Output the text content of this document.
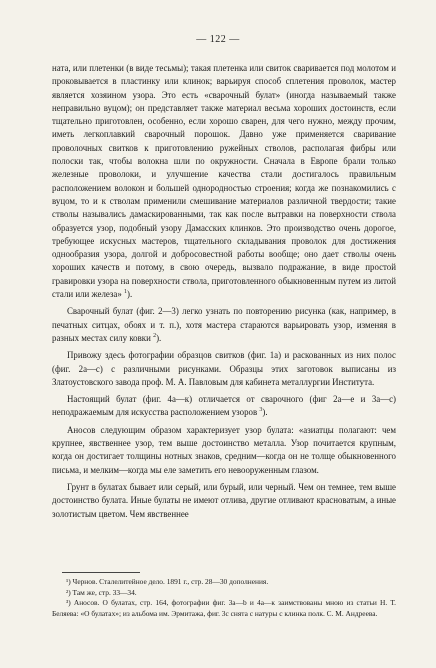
— 122 —

ната, или плетенки (в виде тесьмы); такая плетенка или свиток сваривается под молотом и проковывается в пластинку или клинок; варьируя способ сплетения проволок, мастер является хозяином узора. Это есть «сварочный булат» (иногда называемый также неправильно вуцом); он представляет также материал весьма хороших достоинств, если тщательно приготовлен, особенно, если хорошо сварен, для чего нужно, между прочим, иметь легкоплавкий сварочный порошок. Давно уже применяется сваривание проволочных свитков к приготовлению ружейных стволов, располагая фибры или полоски так, чтобы волокна шли по окружности. Сначала в Европе брали только железные проволоки, и улучшение качества стали достигалось правильным расположением волокон и большей однородностью строения; когда же познакомились с вуцом, то и к стволам применили смешивание материалов различной твердости; такие стволы назывались дамаскированными, так как после вытравки на поверхности ствола образуется узор, подобный узору Дамасских клинков. Это производство очень дорогое, требующее искусных мастеров, тщательного складывания проволок для достижения однообразия узора, долгой и добросовестной работы вообще; оно дает стволы очень хороших качеств и потому, в свою очередь, вызвало подражание, в виде простой гравировки узора на поверхности ствола, приготовленного обыкновенным путем из литой стали или железа» $^1$).

Сварочный булат (фиг. 2—3) легко узнать по повторению рисунка (как, например, в печатных ситцах, обоях и т. п.), хотя мастера стараются варьировать узор, изменяя в разных местах силу ковки $^2$).

Привожу здесь фотографии образцов свитков (фиг. 1а) и раскованных из них полос (фиг. 2а—с) с различными рисунками. Образцы этих заготовок выписаны из Златоустовского завода проф. М. А. Павловым для кабинета металлургии Института.

Настоящий булат (фиг. 4а—к) отличается от сварочного (фиг 2а—е и 3а—с) неподражаемым для искусства расположением узоров $^3$).

Аносов следующим образом характеризует узор булата: «азиатцы полагают: чем крупнее, явственнее узор, тем выше достоинство металла. Узор почитается крупным, когда он достигает толщины нотных знаков, средним—когда он не толще обыкновенного письма, и мелким—когда мы еле заметить его невооруженным глазом.

Грунт в булатах бывает или серый, или бурый, или черный. Чем он темнее, тем выше достоинство булата. Иные булаты не имеют отлива, другие отливают красноватым, а иные золотистым цветом. Чем явственнее

¹) Чернов. Сталелитейное дело. 1891 г., стр. 28—30 дополнения.

²) Там же, стр. 33—34.

³) Аносов. О булатах, стр. 164, фотографии фиг. 3а—b и 4а—к заимствованы мною из статьи Н. Т. Беляева: «О булатах»; из альбома им. Эрмитажа, фиг. 3с снята с натуры с клинка полк. С. М. Андреева.
